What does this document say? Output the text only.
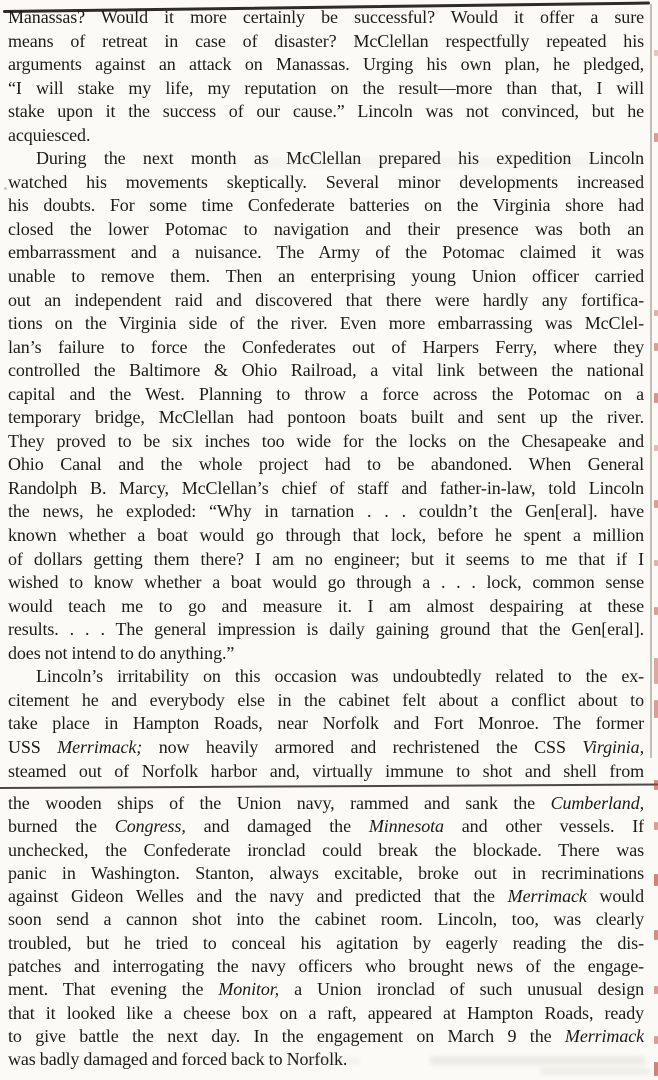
Manassas? Would it more certainly be successful? Would it offer a sure
means of retreat in case of disaster? McClellan respectfully repeated his
arguments against an attack on Manassas. Urging his own plan, he pledged,
“I will stake my life, my reputation on the result—more than that, I will
stake upon it the success of our cause.” Lincoln was not convinced, but he
acquiesced.
During the next month as McClellan prepared his expedition Lincoln
watched his movements skeptically. Several minor developments increased
his doubts. For some time Confederate batteries on the Virginia shore had
closed the lower Potomac to navigation and their presence was both an
embarrassment and a nuisance. The Army of the Potomac claimed it was
unable to remove them. Then an enterprising young Union officer carried
out an independent raid and discovered that there were hardly any fortifica-
tions on the Virginia side of the river. Even more embarrassing was McClel-
lan’s failure to force the Confederates out of Harpers Ferry, where they
controlled the Baltimore & Ohio Railroad, a vital link between the national
capital and the West. Planning to throw a force across the Potomac on a
temporary bridge, McClellan had pontoon boats built and sent up the river.
They proved to be six inches too wide for the locks on the Chesapeake and
Ohio Canal and the whole project had to be abandoned. When General
Randolph B. Marcy, McClellan’s chief of staff and father-in-law, told Lincoln
the news, he exploded: “Why in tarnation . . . couldn’t the Gen[eral]. have
known whether a boat would go through that lock, before he spent a million
of dollars getting them there? I am no engineer; but it seems to me that if I
wished to know whether a boat would go through a . . . lock, common sense
would teach me to go and measure it. I am almost despairing at these
results. . . . The general impression is daily gaining ground that the Gen[eral].
does not intend to do anything.”
Lincoln’s irritability on this occasion was undoubtedly related to the ex-
citement he and everybody else in the cabinet felt about a conflict about to
take place in Hampton Roads, near Norfolk and Fort Monroe. The former
USS Merrimack; now heavily armored and rechristened the CSS Virginia,
steamed out of Norfolk harbor and, virtually immune to shot and shell from
the wooden ships of the Union navy, rammed and sank the Cumberland,
burned the Congress, and damaged the Minnesota and other vessels. If
unchecked, the Confederate ironclad could break the blockade. There was
panic in Washington. Stanton, always excitable, broke out in recriminations
against Gideon Welles and the navy and predicted that the Merrimack would
soon send a cannon shot into the cabinet room. Lincoln, too, was clearly
troubled, but he tried to conceal his agitation by eagerly reading the dis-
patches and interrogating the navy officers who brought news of the engage-
ment. That evening the Monitor, a Union ironclad of such unusual design
that it looked like a cheese box on a raft, appeared at Hampton Roads, ready
to give battle the next day. In the engagement on March 9 the Merrimack
was badly damaged and forced back to Norfolk.
